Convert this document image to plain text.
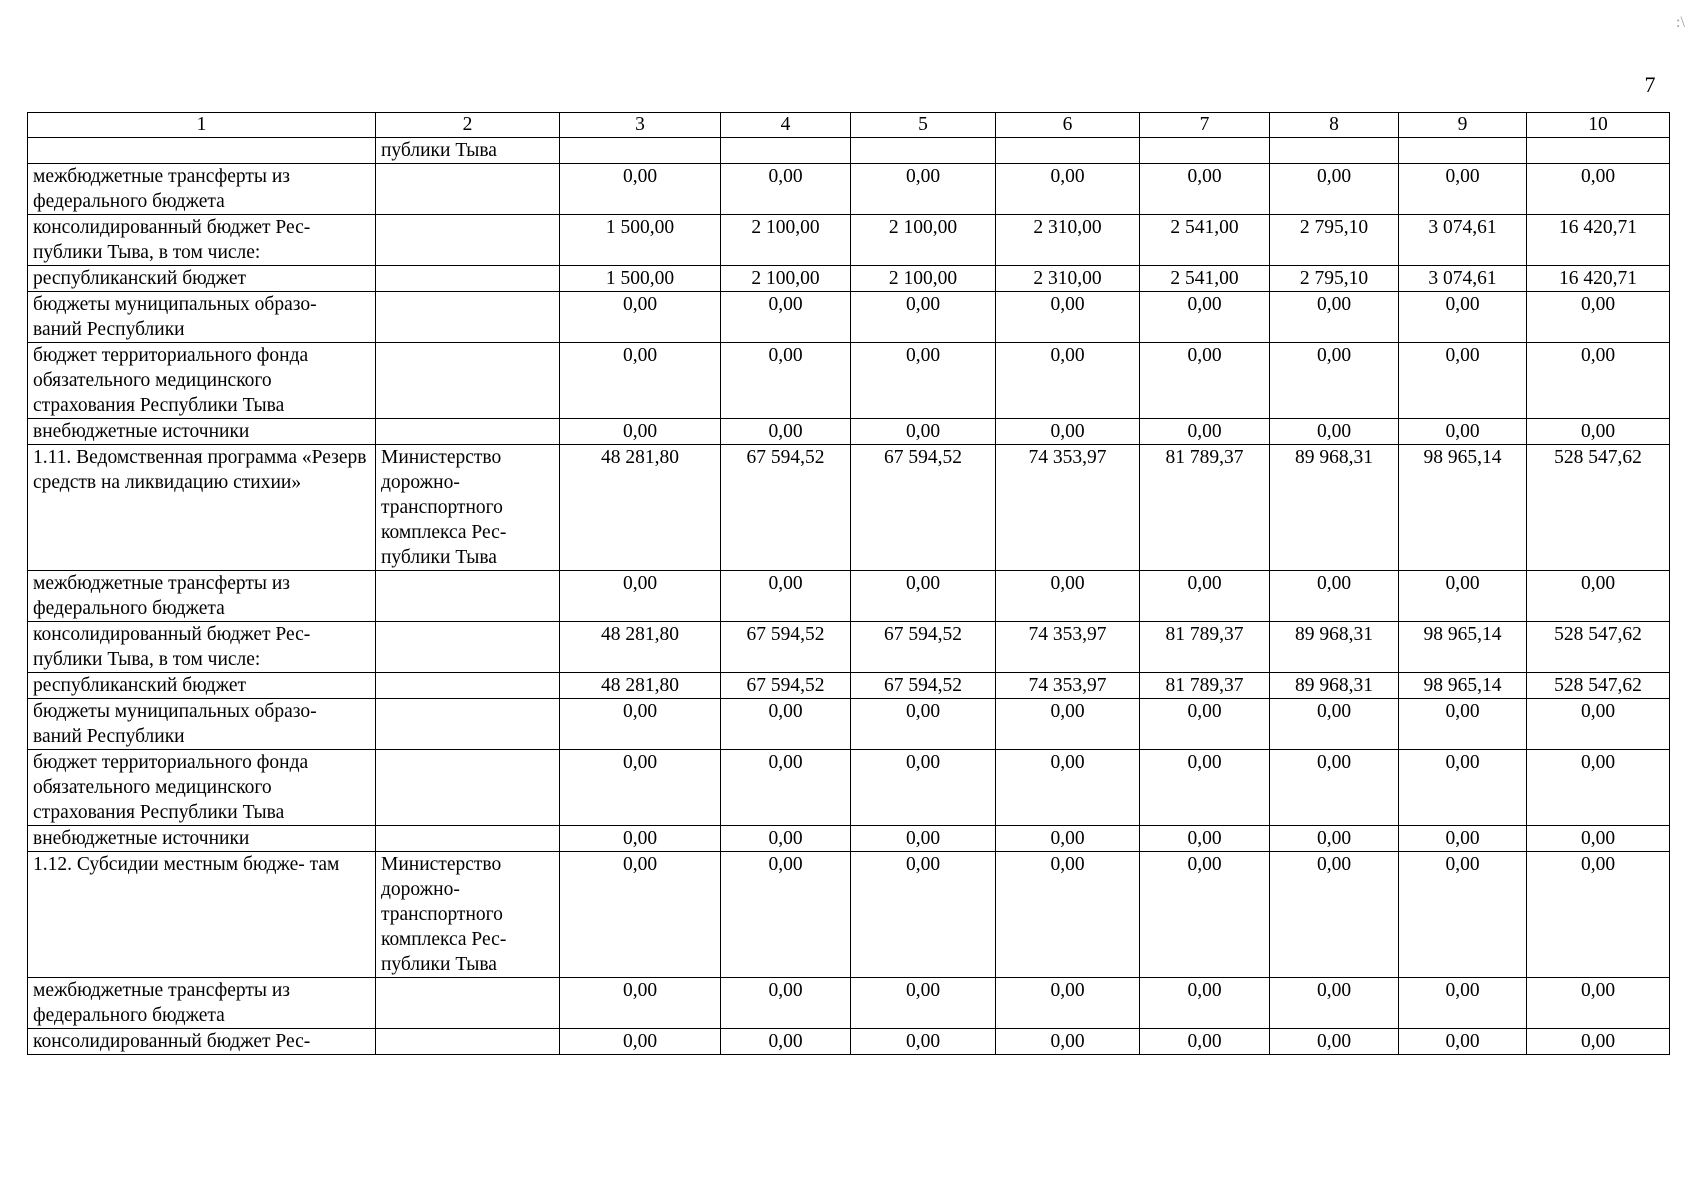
7
:\
1	2	3	4	5	6	7	8	9	10
	публики Тыва								
межбюджетные трансферты из федерального бюджета		0,00	0,00	0,00	0,00	0,00	0,00	0,00	0,00
консолидированный бюджет Рес- публики Тыва, в том числе:		1 500,00	2 100,00	2 100,00	2 310,00	2 541,00	2 795,10	3 074,61	16 420,71
республиканский бюджет		1 500,00	2 100,00	2 100,00	2 310,00	2 541,00	2 795,10	3 074,61	16 420,71
бюджеты муниципальных образо- ваний Республики		0,00	0,00	0,00	0,00	0,00	0,00	0,00	0,00
бюджет территориального фонда обязательного медицинского страхования Республики Тыва		0,00	0,00	0,00	0,00	0,00	0,00	0,00	0,00
внебюджетные источники		0,00	0,00	0,00	0,00	0,00	0,00	0,00	0,00
1.11. Ведомственная программа «Резерв средств на ликвидацию стихии»	Министерство дорожно- транспортного комплекса Рес- публики Тыва	48 281,80	67 594,52	67 594,52	74 353,97	81 789,37	89 968,31	98 965,14	528 547,62
межбюджетные трансферты из федерального бюджета		0,00	0,00	0,00	0,00	0,00	0,00	0,00	0,00
консолидированный бюджет Рес- публики Тыва, в том числе:		48 281,80	67 594,52	67 594,52	74 353,97	81 789,37	89 968,31	98 965,14	528 547,62
республиканский бюджет		48 281,80	67 594,52	67 594,52	74 353,97	81 789,37	89 968,31	98 965,14	528 547,62
бюджеты муниципальных образо- ваний Республики		0,00	0,00	0,00	0,00	0,00	0,00	0,00	0,00
бюджет территориального фонда обязательного медицинского страхования Республики Тыва		0,00	0,00	0,00	0,00	0,00	0,00	0,00	0,00
внебюджетные источники		0,00	0,00	0,00	0,00	0,00	0,00	0,00	0,00
1.12. Субсидии местным бюдже- там	Министерство дорожно- транспортного комплекса Рес- публики Тыва	0,00	0,00	0,00	0,00	0,00	0,00	0,00	0,00
межбюджетные трансферты из федерального бюджета		0,00	0,00	0,00	0,00	0,00	0,00	0,00	0,00
консолидированный бюджет Рес-		0,00	0,00	0,00	0,00	0,00	0,00	0,00	0,00
